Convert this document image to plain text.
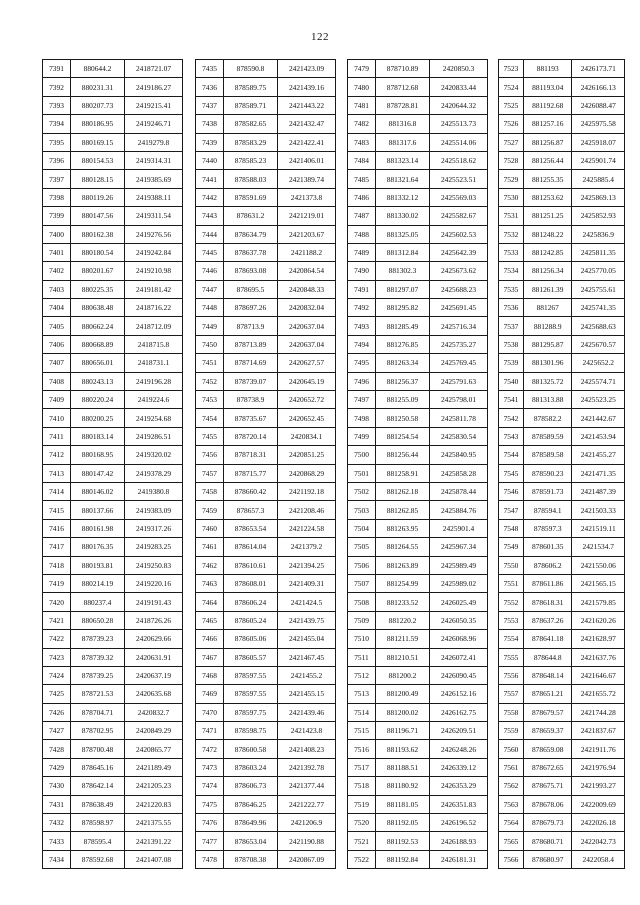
122
7391	880644.2	2418721.07
7392	880231.31	2419186.27
7393	880207.73	2419215.41
7394	880186.95	2419246.71
7395	880169.15	2419279.8
7396	880154.53	2419314.31
7397	880128.15	2419385.69
7398	880119.26	2419388.11
7399	880147.56	2419311.54
7400	880162.38	2419276.56
7401	880180.54	2419242.84
7402	880201.67	2419210.98
7403	880225.35	2419181.42
7404	880638.48	2418716.22
7405	880662.24	2418712.09
7406	880668.89	2418715.8
7407	880656.01	2418731.1
7408	880243.13	2419196.28
7409	880220.24	2419224.6
7410	880200.25	2419254.68
7411	880183.14	2419286.51
7412	880168.95	2419320.02
7413	880147.42	2419378.29
7414	880146.02	2419380.8
7415	880137.66	2419383.09
7416	880161.98	2419317.26
7417	880176.35	2419283.25
7418	880193.81	2419250.83
7419	880214.19	2419220.16
7420	880237.4	2419191.43
7421	880650.28	2418726.26
7422	878739.23	2420629.66
7423	878739.32	2420631.91
7424	878739.25	2420637.19
7425	878721.53	2420635.68
7426	878704.71	2420832.7
7427	878702.95	2420849.29
7428	878700.48	2420865.77
7429	878645.16	2421189.49
7430	878642.14	2421205.23
7431	878638.49	2421220.83
7432	878598.97	2421375.55
7433	878595.4	2421391.22
7434	878592.68	2421407.08
7435	878590.8	2421423.09
7436	878589.75	2421439.16
7437	878589.71	2421443.22
7438	878582.65	2421432.47
7439	878583.29	2421422.41
7440	878585.23	2421406.01
7441	878588.03	2421389.74
7442	878591.69	2421373.8
7443	878631.2	2421219.01
7444	878634.79	2421203.67
7445	878637.78	2421188.2
7446	878693.08	2420864.54
7447	878695.5	2420848.33
7448	878697.26	2420832.04
7449	878713.9	2420637.04
7450	878713.89	2420637.04
7451	878714.69	2420627.57
7452	878739.07	2420645.19
7453	878738.9	2420652.72
7454	878735.67	2420652.45
7455	878720.14	2420834.1
7456	878718.31	2420851.25
7457	878715.77	2420868.29
7458	878660.42	2421192.18
7459	878657.3	2421208.46
7460	878653.54	2421224.58
7461	878614.04	2421379.2
7462	878610.61	2421394.25
7463	878608.01	2421409.31
7464	878606.24	2421424.5
7465	878605.24	2421439.75
7466	878605.06	2421455.04
7467	878605.57	2421467.45
7468	878597.55	2421455.2
7469	878597.55	2421455.15
7470	878597.75	2421439.46
7471	878598.75	2421423.8
7472	878600.58	2421408.23
7473	878603.24	2421392.78
7474	878606.73	2421377.44
7475	878646.25	2421222.77
7476	878649.96	2421206.9
7477	878653.04	2421190.88
7478	878708.38	2420867.09
7479	878710.89	2420850.3
7480	878712.68	2420833.44
7481	878728.81	2420644.32
7482	881316.8	2425513.73
7483	881317.6	2425514.06
7484	881323.14	2425518.62
7485	881321.64	2425523.51
7486	881332.12	2425569.03
7487	881330.02	2425582.67
7488	881325.05	2425602.53
7489	881312.84	2425642.39
7490	881302.3	2425673.62
7491	881297.07	2425688.23
7492	881295.82	2425691.45
7493	881285.49	2425716.34
7494	881276.85	2425735.27
7495	881263.34	2425769.45
7496	881256.37	2425791.63
7497	881255.09	2425798.01
7498	881250.58	2425811.78
7499	881254.54	2425830.54
7500	881256.44	2425840.95
7501	881258.91	2425858.28
7502	881262.18	2425878.44
7503	881262.85	2425884.76
7504	881263.95	2425901.4
7505	881264.55	2425967.34
7506	881263.89	2425989.49
7507	881254.99	2425989.02
7508	881233.52	2426025.49
7509	881220.2	2426050.35
7510	881211.59	2426068.96
7511	881210.51	2426072.41
7512	881200.2	2426090.45
7513	881200.49	2426152.16
7514	881200.02	2426162.75
7515	881196.71	2426209.51
7516	881193.62	2426248.26
7517	881188.51	2426339.12
7518	881180.92	2426353.29
7519	881181.05	2426351.83
7520	881192.05	2426196.52
7521	881192.53	2426188.93
7522	881192.84	2426181.31
7523	881193	2426173.71
7524	881193.04	2426166.13
7525	881192.68	2426088.47
7526	881257.16	2425975.58
7527	881256.87	2425918.07
7528	881256.44	2425901.74
7529	881255.35	2425885.4
7530	881253.62	2425869.13
7531	881251.25	2425852.93
7532	881248.22	2425836.9
7533	881242.85	2425811.35
7534	881256.34	2425770.05
7535	881261.39	2425755.61
7536	881267	2425741.35
7537	881288.9	2425688.63
7538	881295.87	2425670.57
7539	881301.96	2425652.2
7540	881325.72	2425574.71
7541	881313.88	2425523.25
7542	878582.2	2421442.67
7543	878589.59	2421453.94
7544	878589.58	2421455.27
7545	878590.23	2421471.35
7546	878591.73	2421487.39
7547	878594.1	2421503.33
7548	878597.3	2421519.11
7549	878601.35	2421534.7
7550	878606.2	2421550.06
7551	878611.86	2421565.15
7552	878618.31	2421579.85
7553	878637.26	2421620.26
7554	878641.18	2421628.97
7555	878644.8	2421637.76
7556	878648.14	2421646.67
7557	878651.21	2421655.72
7558	878679.57	2421744.28
7559	878659.37	2421837.67
7560	878659.08	2421911.76
7561	878672.65	2421976.94
7562	878675.71	2421993.27
7563	878678.06	2422009.69
7564	878679.73	2422026.18
7565	878680.71	2422042.73
7566	878680.97	2422058.4
